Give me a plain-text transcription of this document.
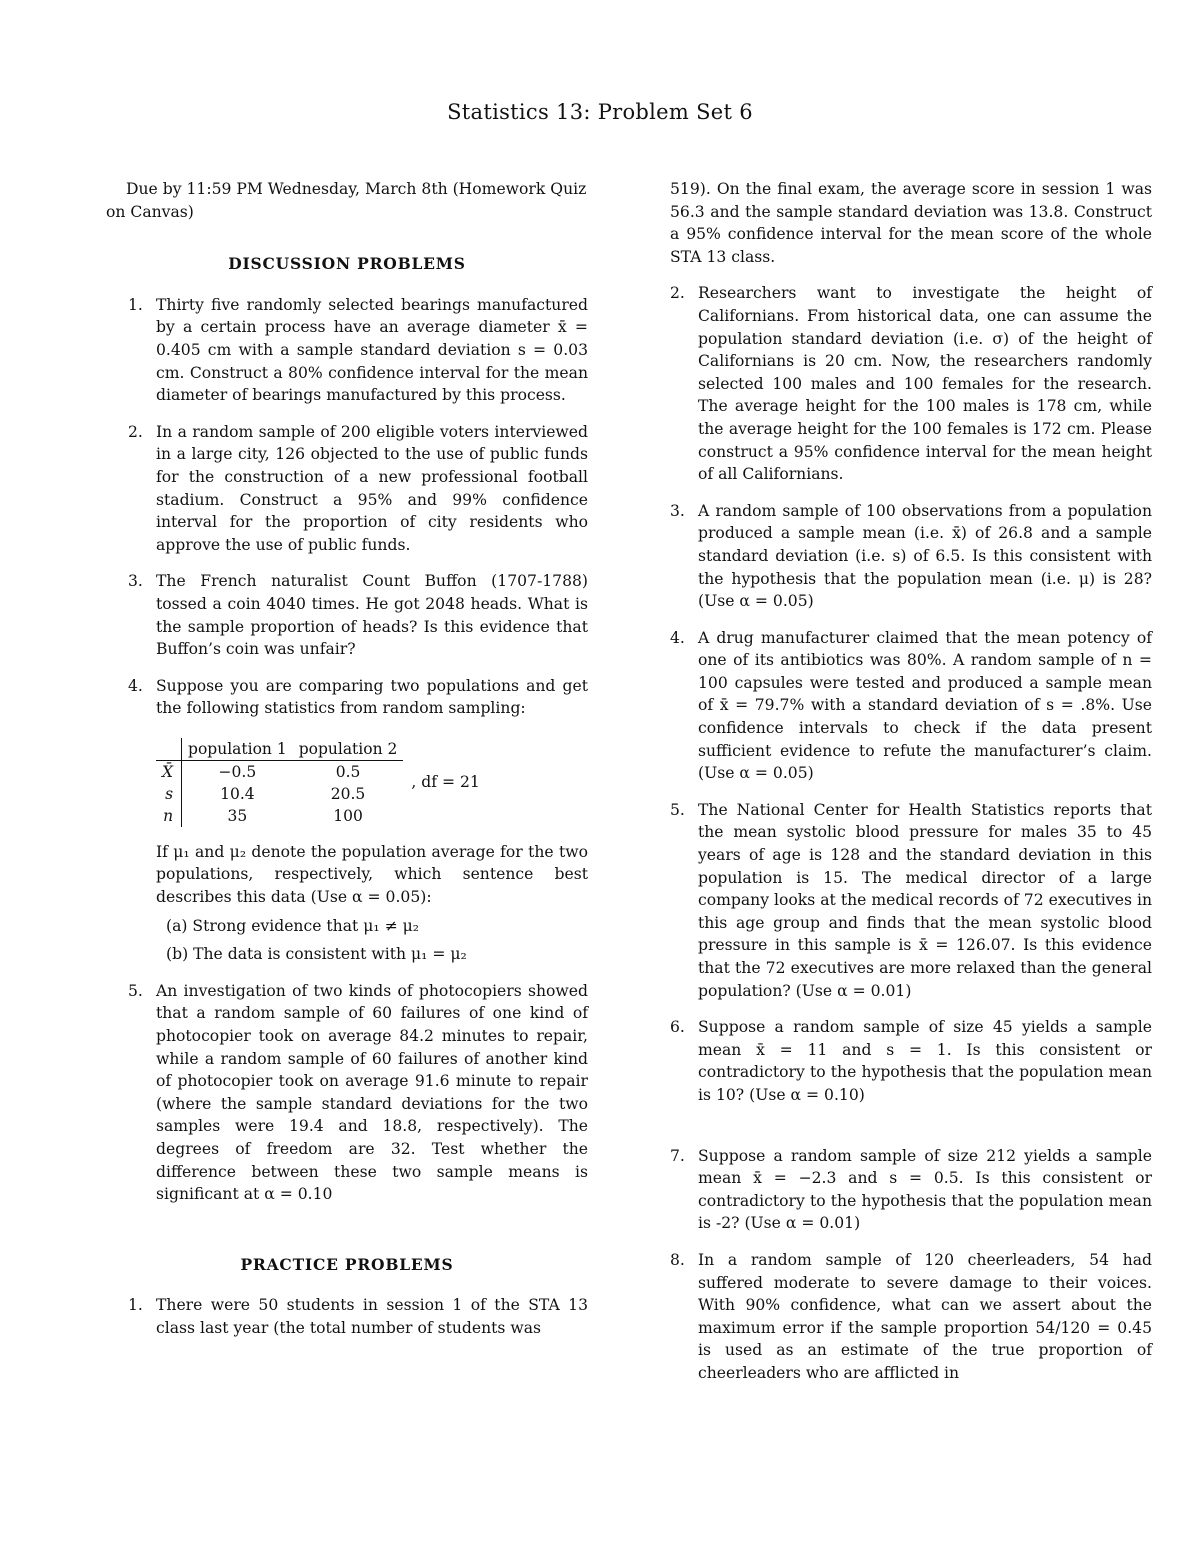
Statistics 13: Problem Set 6

Due by 11:59 PM Wednesday, March 8th (Homework Quiz on Canvas)

DISCUSSION PROBLEMS
1. Thirty five randomly selected bearings manufactured by a certain process have an average diameter x̄ = 0.405 cm with a sample standard deviation s = 0.03 cm. Construct a 80% confidence interval for the mean diameter of bearings manufactured by this process.
2. In a random sample of 200 eligible voters interviewed in a large city, 126 objected to the use of public funds for the construction of a new professional football stadium. Construct a 95% and 99% confidence interval for the proportion of city residents who approve the use of public funds.
3. The French naturalist Count Buffon (1707-1788) tossed a coin 4040 times. He got 2048 heads. What is the sample proportion of heads? Is this evidence that Buffon’s coin was unfair?
4. Suppose you are comparing two populations and get the following statistics from random sampling:
	population 1	population 2
X̄	−0.5	0.5
s	10.4	20.5
n	35	100
, df = 21
If μ₁ and μ₂ denote the population average for the two populations, respectively, which sentence best describes this data (Use α = 0.05):
(a) Strong evidence that μ₁ ≠ μ₂
(b) The data is consistent with μ₁ = μ₂
5. An investigation of two kinds of photocopiers showed that a random sample of 60 failures of one kind of photocopier took on average 84.2 minutes to repair, while a random sample of 60 failures of another kind of photocopier took on average 91.6 minute to repair (where the sample standard deviations for the two samples were 19.4 and 18.8, respectively). The degrees of freedom are 32. Test whether the difference between these two sample means is significant at α = 0.10
PRACTICE PROBLEMS
1. There were 50 students in session 1 of the STA 13 class last year (the total number of students was
519). On the final exam, the average score in session 1 was 56.3 and the sample standard deviation was 13.8. Construct a 95% confidence interval for the mean score of the whole STA 13 class.
2. Researchers want to investigate the height of Californians. From historical data, one can assume the population standard deviation (i.e. σ) of the height of Californians is 20 cm. Now, the researchers randomly selected 100 males and 100 females for the research. The average height for the 100 males is 178 cm, while the average height for the 100 females is 172 cm. Please construct a 95% confidence interval for the mean height of all Californians.
3. A random sample of 100 observations from a population produced a sample mean (i.e. x̄) of 26.8 and a sample standard deviation (i.e. s) of 6.5. Is this consistent with the hypothesis that the population mean (i.e. μ) is 28? (Use α = 0.05)
4. A drug manufacturer claimed that the mean potency of one of its antibiotics was 80%. A random sample of n = 100 capsules were tested and produced a sample mean of x̄ = 79.7% with a standard deviation of s = .8%. Use confidence intervals to check if the data present sufficient evidence to refute the manufacturer’s claim. (Use α = 0.05)
5. The National Center for Health Statistics reports that the mean systolic blood pressure for males 35 to 45 years of age is 128 and the standard deviation in this population is 15. The medical director of a large company looks at the medical records of 72 executives in this age group and finds that the mean systolic blood pressure in this sample is x̄ = 126.07. Is this evidence that the 72 executives are more relaxed than the general population? (Use α = 0.01)
6. Suppose a random sample of size 45 yields a sample mean x̄ = 11 and s = 1. Is this consistent or contradictory to the hypothesis that the population mean is 10? (Use α = 0.10)
7. Suppose a random sample of size 212 yields a sample mean x̄ = −2.3 and s = 0.5. Is this consistent or contradictory to the hypothesis that the population mean is -2? (Use α = 0.01)
8. In a random sample of 120 cheerleaders, 54 had suffered moderate to severe damage to their voices. With 90% confidence, what can we assert about the maximum error if the sample proportion 54/120 = 0.45 is used as an estimate of the true proportion of cheerleaders who are afflicted in
